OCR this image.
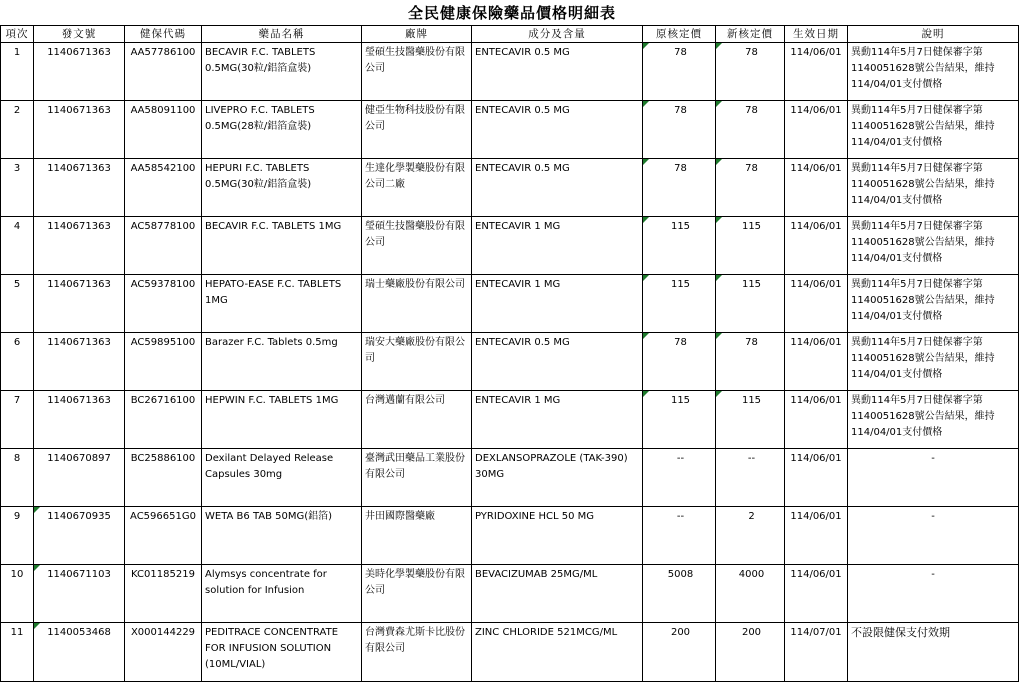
全民健康保險藥品價格明細表
項次	發文號	健保代碼	藥品名稱	廠牌	成分及含量	原核定價	新核定價	生效日期	說明
1	1140671363	AA57786100	BECAVIR F.C. TABLETS 0.5MG(30粒/鋁箔盒裝)	瑩碩生技醫藥股份有限公司	ENTECAVIR 0.5 MG	78	78	114/06/01	異動114年5月7日健保審字第1140051628號公告結果，維持114/04/01支付價格
2	1140671363	AA58091100	LIVEPRO F.C. TABLETS 0.5MG(28粒/鋁箔盒裝)	健亞生物科技股份有限公司	ENTECAVIR 0.5 MG	78	78	114/06/01	異動114年5月7日健保審字第1140051628號公告結果，維持114/04/01支付價格
3	1140671363	AA58542100	HEPURI F.C. TABLETS 0.5MG(30粒/鋁箔盒裝)	生達化學製藥股份有限公司二廠	ENTECAVIR 0.5 MG	78	78	114/06/01	異動114年5月7日健保審字第1140051628號公告結果，維持114/04/01支付價格
4	1140671363	AC58778100	BECAVIR F.C. TABLETS 1MG	瑩碩生技醫藥股份有限公司	ENTECAVIR 1 MG	115	115	114/06/01	異動114年5月7日健保審字第1140051628號公告結果，維持114/04/01支付價格
5	1140671363	AC59378100	HEPATO-EASE F.C. TABLETS 1MG	瑞士藥廠股份有限公司	ENTECAVIR 1 MG	115	115	114/06/01	異動114年5月7日健保審字第1140051628號公告結果，維持114/04/01支付價格
6	1140671363	AC59895100	Barazer F.C. Tablets 0.5mg	瑞安大藥廠股份有限公司	ENTECAVIR 0.5 MG	78	78	114/06/01	異動114年5月7日健保審字第1140051628號公告結果，維持114/04/01支付價格
7	1140671363	BC26716100	HEPWIN F.C. TABLETS 1MG	台灣邁蘭有限公司	ENTECAVIR 1 MG	115	115	114/06/01	異動114年5月7日健保審字第1140051628號公告結果，維持114/04/01支付價格
8	1140670897	BC25886100	Dexilant Delayed Release Capsules 30mg	臺灣武田藥品工業股份有限公司	DEXLANSOPRAZOLE (TAK-390) 30MG	--	--	114/06/01	-
9	1140670935	AC596651G0	WETA B6 TAB 50MG(鋁箔)	井田國際醫藥廠	PYRIDOXINE HCL 50 MG	--	2	114/06/01	-
10	1140671103	KC01185219	Alymsys concentrate for solution for Infusion	美時化學製藥股份有限公司	BEVACIZUMAB 25MG/ML	5008	4000	114/06/01	-
11	1140053468	X000144229	PEDITRACE CONCENTRATE FOR INFUSION SOLUTION (10ML/VIAL)	台灣費森尤斯卡比股份有限公司	ZINC CHLORIDE 521MCG/ML	200	200	114/07/01	不設限健保支付效期
